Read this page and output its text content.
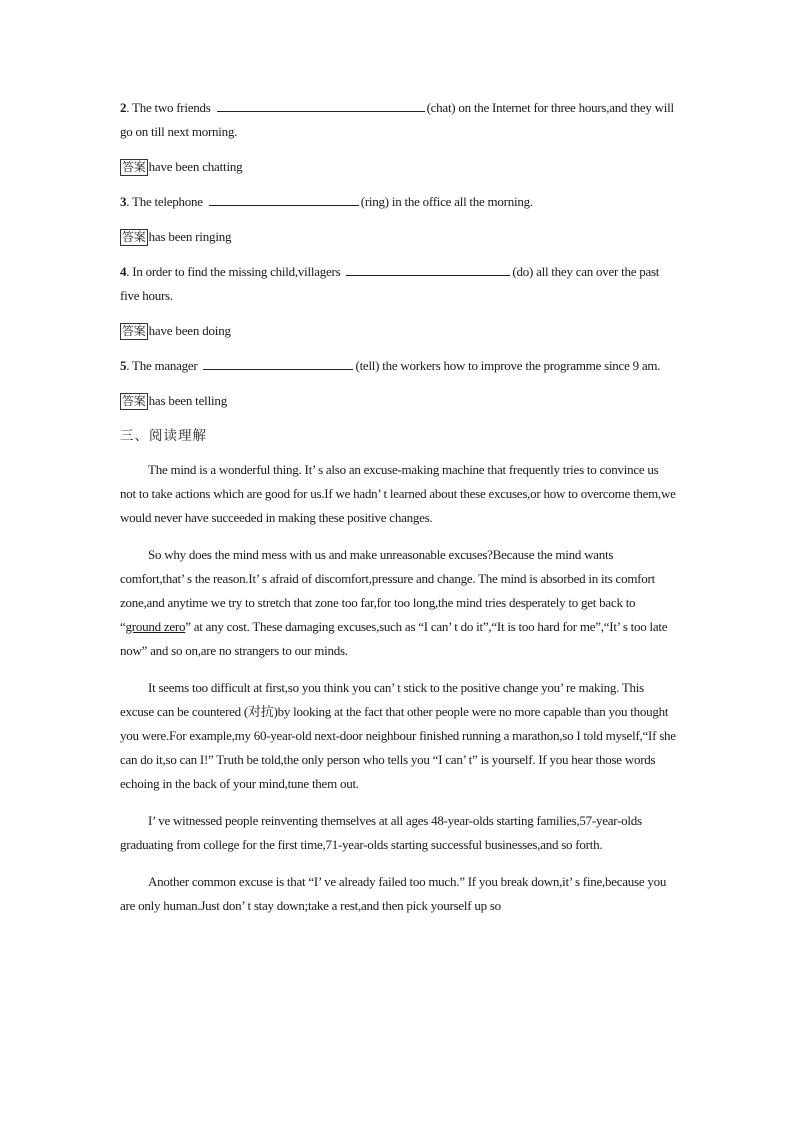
2. The two friends	(chat) on the Internet for three hours,and they will go on till next morning.

答案 have been chatting

3. The telephone	(ring) in the office all the morning.

答案 has been ringing

4. In order to find the missing child,villagers	(do) all they can over the past five hours.

答案 have been doing

5. The manager	(tell) the workers how to improve the programme since 9 am.

答案 has been telling

三、阅读理解

The mind is a wonderful thing. It’ s also an excuse-making machine that frequently tries to convince us not to take actions which are good for us.If we hadn’ t learned about these excuses,or how to overcome them,we would never have succeeded in making these positive changes.

So why does the mind mess with us and make unreasonable excuses?Because the mind wants comfort,that’ s the reason.It’ s afraid of discomfort,pressure and change. The mind is absorbed in its comfort zone,and anytime we try to stretch that zone too far,for too long,the mind tries desperately to get back to “ground zero” at any cost. These damaging excuses,such as “I can’ t do it”,“It is too hard for me”,“It’ s too late now” and so on,are no strangers to our minds.

It seems too difficult at first,so you think you can’ t stick to the positive change you’ re making. This excuse can be countered (对抗)by looking at the fact that other people were no more capable than you thought you were.For example,my 60-year-old next-door neighbour finished running a marathon,so I told myself,“If she can do it,so can I!” Truth be told,the only person who tells you “I can’ t” is yourself. If you hear those words echoing in the back of your mind,tune them out.

I’ ve witnessed people reinventing themselves at all ages 48-year-olds starting families,57-year-olds graduating from college for the first time,71-year-olds starting successful businesses,and so forth.

Another common excuse is that “I’ ve already failed too much.” If you break down,it’ s fine,because you are only human.Just don’ t stay down;take a rest,and then pick yourself up so
